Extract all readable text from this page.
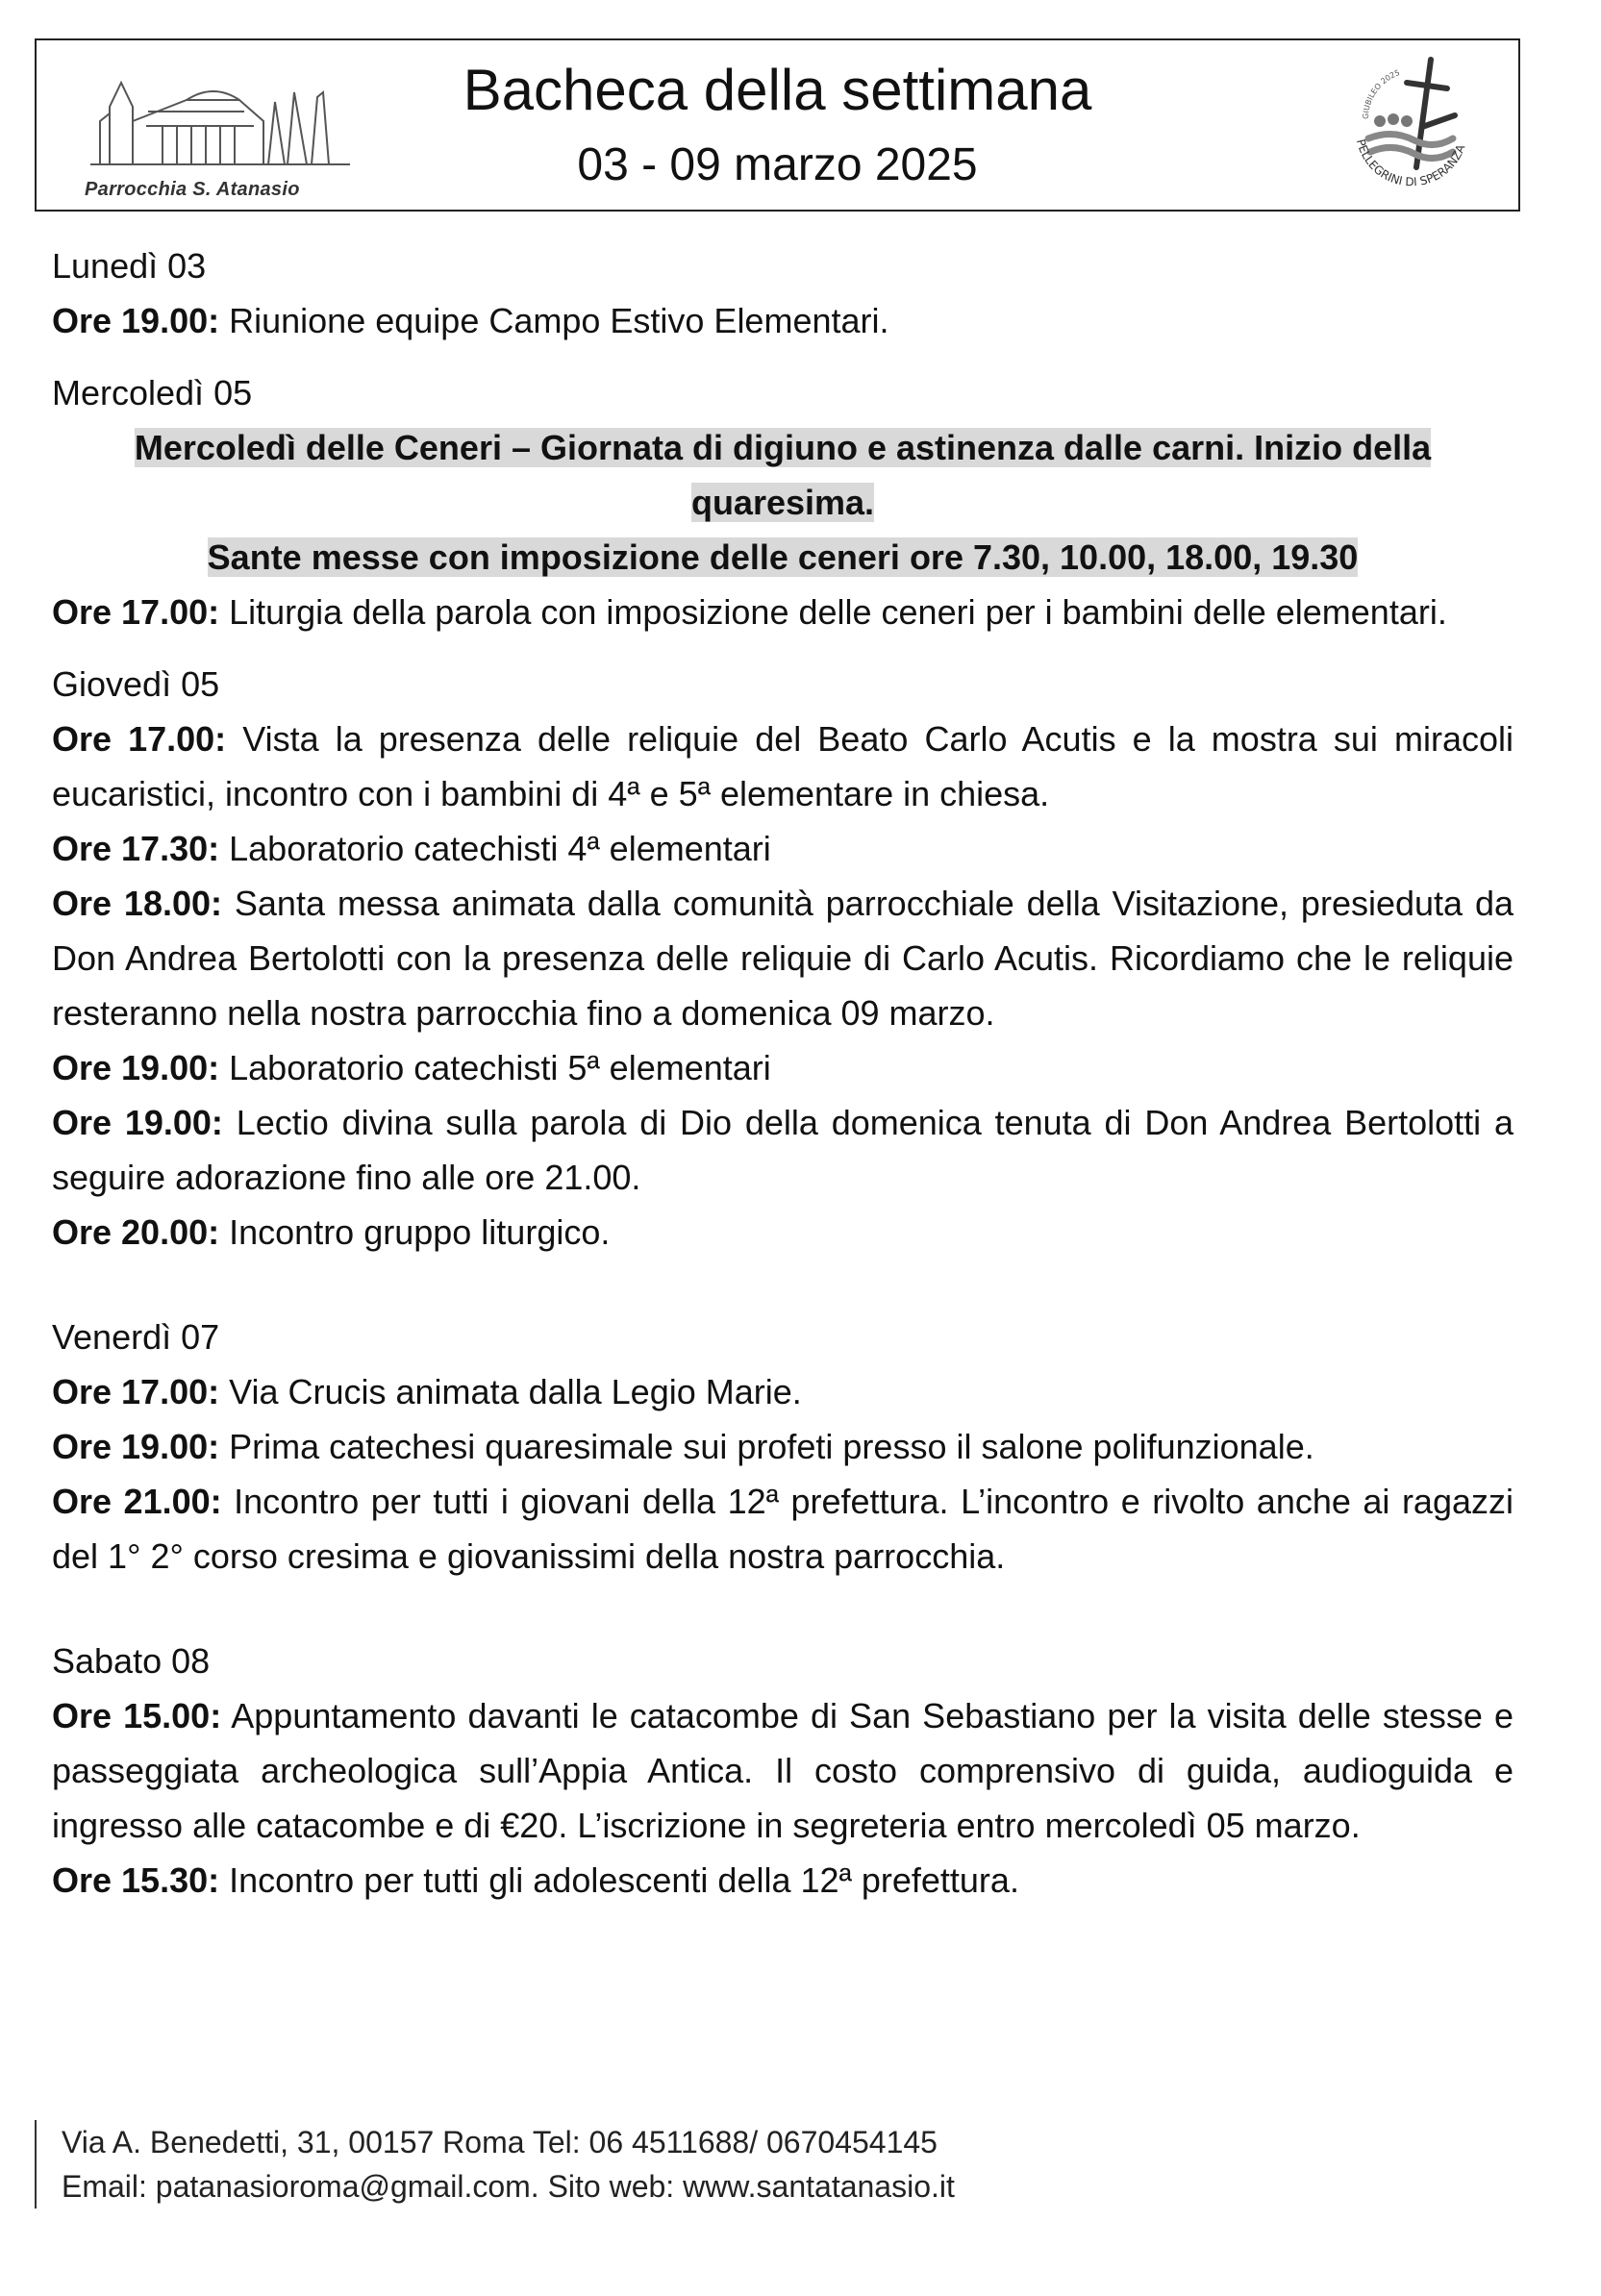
Parrocchia S. Atanasio
Bacheca della settimana
03 - 09 marzo 2025	PELLEGRINI DI SPERANZA
GIUBILEO 2025

Lunedì 03

Ore 19.00: Riunione equipe Campo Estivo Elementari.

Mercoledì 05

Mercoledì delle Ceneri – Giornata di digiuno e astinenza dalle carni. Inizio della quaresima.
Sante messe con imposizione delle ceneri ore 7.30, 10.00, 18.00, 19.30

Ore 17.00: Liturgia della parola con imposizione delle ceneri per i bambini delle elementari.

Giovedì 05

Ore 17.00: Vista la presenza delle reliquie del Beato Carlo Acutis e la mostra sui miracoli eucaristici, incontro con i bambini di 4ª e 5ª elementare in chiesa.

Ore 17.30: Laboratorio catechisti 4ª elementari

Ore 18.00: Santa messa animata dalla comunità parrocchiale della Visitazione, presieduta da Don Andrea Bertolotti con la presenza delle reliquie di Carlo Acutis. Ricordiamo che le reliquie resteranno nella nostra parrocchia fino a domenica 09 marzo.

Ore 19.00: Laboratorio catechisti 5ª elementari

Ore 19.00: Lectio divina sulla parola di Dio della domenica tenuta di Don Andrea Bertolotti a seguire adorazione fino alle ore 21.00.

Ore 20.00: Incontro gruppo liturgico.

Venerdì 07

Ore 17.00: Via Crucis animata dalla Legio Marie.

Ore 19.00: Prima catechesi quaresimale sui profeti presso il salone polifunzionale.

Ore 21.00: Incontro per tutti i giovani della 12ª prefettura. L’incontro e rivolto anche ai ragazzi del 1° 2° corso cresima e giovanissimi della nostra parrocchia.

Sabato 08

Ore 15.00: Appuntamento davanti le catacombe di San Sebastiano per la visita delle stesse e passeggiata archeologica sull’Appia Antica. Il costo comprensivo di guida, audioguida e ingresso alle catacombe e di €20. L’iscrizione in segreteria entro mercoledì 05 marzo.

Ore 15.30: Incontro per tutti gli adolescenti della 12ª prefettura.

Via A. Benedetti, 31, 00157 Roma Tel: 06 4511688/ 0670454145
Email: patanasioroma@gmail.com. Sito web: www.santatanasio.it
